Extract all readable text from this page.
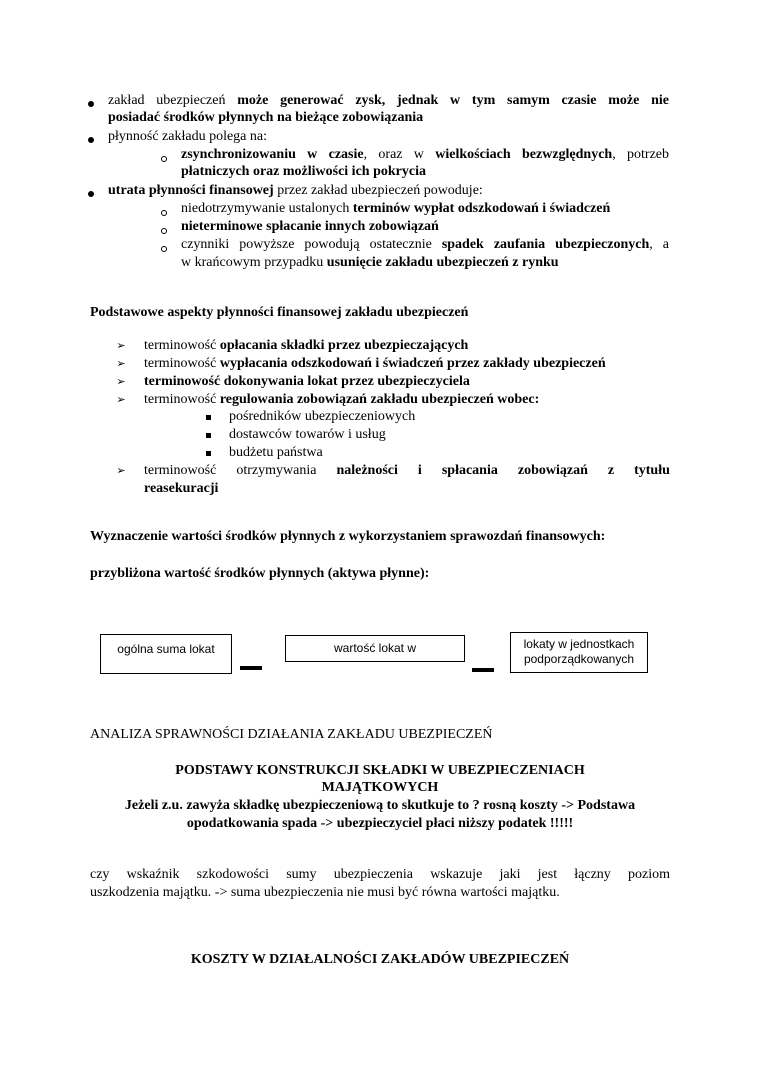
zakład ubezpieczeń może generować zysk, jednak w tym samym czasie może nie
posiadać środków płynnych na bieżące zobowiązania
płynność zakładu polega na:
zsynchronizowaniu w czasie, oraz w wielkościach bezwzględnych, potrzeb
płatniczych oraz możliwości ich pokrycia
utrata płynności finansowej przez zakład ubezpieczeń powoduje:
niedotrzymywanie ustalonych terminów wypłat odszkodowań i świadczeń
nieterminowe spłacanie innych zobowiązań
czynniki powyższe powodują ostatecznie spadek zaufania ubezpieczonych, a
w krańcowym przypadku usunięcie zakładu ubezpieczeń z rynku
Podstawowe aspekty płynności finansowej zakładu ubezpieczeń
➢ terminowość opłacania składki przez ubezpieczających
➢ terminowość wypłacania odszkodowań i świadczeń przez zakłady ubezpieczeń
➢ terminowość dokonywania lokat przez ubezpieczyciela
➢ terminowość regulowania zobowiązań zakładu ubezpieczeń wobec:
pośredników ubezpieczeniowych
dostawców towarów i usług
budżetu państwa
➢ terminowość otrzymywania należności i spłacania zobowiązań z tytułu
reasekuracji
Wyznaczenie wartości środków płynnych z wykorzystaniem sprawozdań finansowych:
przybliżona wartość środków płynnych (aktywa płynne):
ogólna suma lokat	wartość lokat w	lokaty w jednostkach
podporządkowanych
ANALIZA SPRAWNOŚCI DZIAŁANIA ZAKŁADU UBEZPIECZEŃ
PODSTAWY KONSTRUKCJI SKŁADKI W UBEZPIECZENIACH
MAJĄTKOWYCH
Jeżeli z.u. zawyża składkę ubezpieczeniową to skutkuje to ? rosną koszty -> Podstawa
opodatkowania spada -> ubezpieczyciel płaci niższy podatek !!!!!
czy wskaźnik szkodowości sumy ubezpieczenia wskazuje jaki jest łączny poziom
uszkodzenia majątku. -> suma ubezpieczenia nie musi być równa wartości majątku.
KOSZTY W DZIAŁALNOŚCI ZAKŁADÓW UBEZPIECZEŃ
